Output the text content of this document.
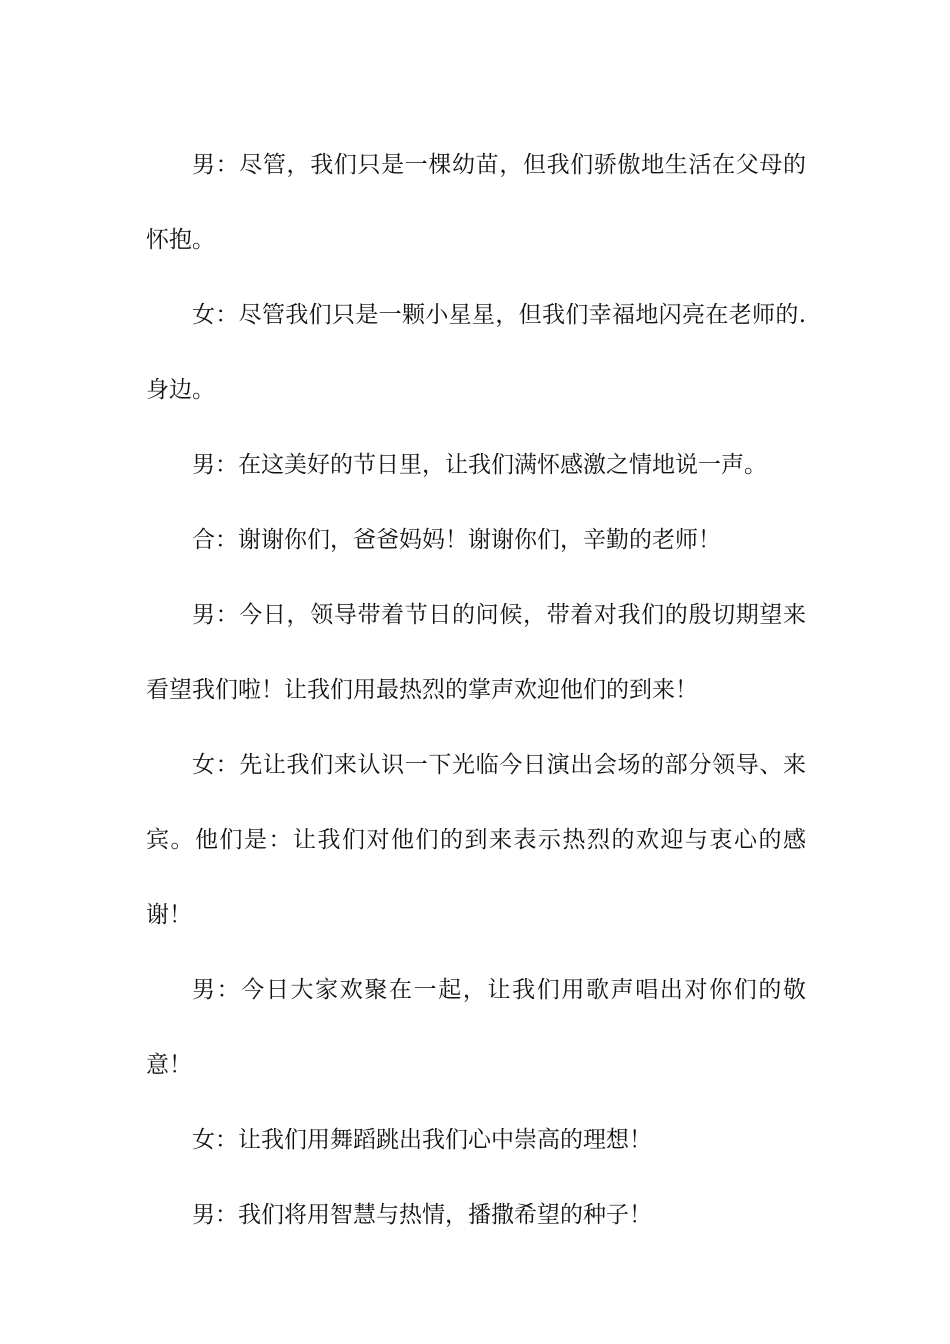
男：尽管，我们只是一棵幼苗，但我们骄傲地生活在父母的怀抱。

女：尽管我们只是一颗小星星，但我们幸福地闪亮在老师的.身边。

男：在这美好的节日里，让我们满怀感激之情地说一声。

合：谢谢你们，爸爸妈妈！谢谢你们，辛勤的老师！

男：今日，领导带着节日的问候，带着对我们的殷切期望来看望我们啦！让我们用最热烈的掌声欢迎他们的到来！

女：先让我们来认识一下光临今日演出会场的部分领导、来宾。他们是：让我们对他们的到来表示热烈的欢迎与衷心的感谢！

男：今日大家欢聚在一起，让我们用歌声唱出对你们的敬意！

女：让我们用舞蹈跳出我们心中崇高的理想！

男：我们将用智慧与热情，播撒希望的种子！
